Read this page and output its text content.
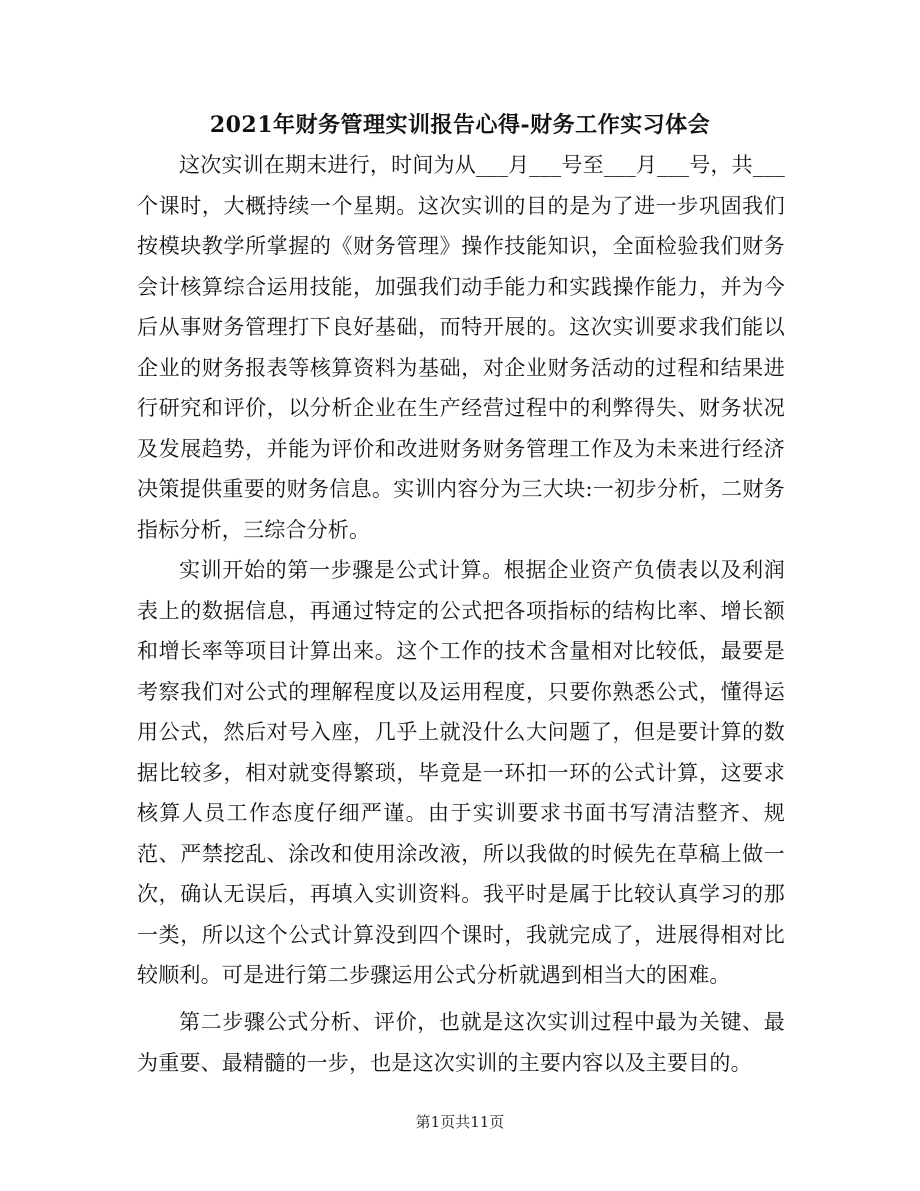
2021年财务管理实训报告心得-财务工作实习体会

这次实训在期末进行，时间为从___月___号至___月___号，共___个课时，大概持续一个星期。这次实训的目的是为了进一步巩固我们按模块教学所掌握的《财务管理》操作技能知识，全面检验我们财务会计核算综合运用技能，加强我们动手能力和实践操作能力，并为今后从事财务管理打下良好基础，而特开展的。这次实训要求我们能以企业的财务报表等核算资料为基础，对企业财务活动的过程和结果进行研究和评价，以分析企业在生产经营过程中的利弊得失、财务状况及发展趋势，并能为评价和改进财务财务管理工作及为未来进行经济决策提供重要的财务信息。实训内容分为三大块:一初步分析，二财务指标分析，三综合分析。

实训开始的第一步骤是公式计算。根据企业资产负债表以及利润表上的数据信息，再通过特定的公式把各项指标的结构比率、增长额和增长率等项目计算出来。这个工作的技术含量相对比较低，最要是考察我们对公式的理解程度以及运用程度，只要你熟悉公式，懂得运用公式，然后对号入座，几乎上就没什么大问题了，但是要计算的数据比较多，相对就变得繁琐，毕竟是一环扣一环的公式计算，这要求核算人员工作态度仔细严谨。由于实训要求书面书写清洁整齐、规范、严禁挖乱、涂改和使用涂改液，所以我做的时候先在草稿上做一次，确认无误后，再填入实训资料。我平时是属于比较认真学习的那一类，所以这个公式计算没到四个课时，我就完成了，进展得相对比较顺利。可是进行第二步骤运用公式分析就遇到相当大的困难。

第二步骤公式分析、评价，也就是这次实训过程中最为关键、最为重要、最精髓的一步，也是这次实训的主要内容以及主要目的。

第1页共11页
